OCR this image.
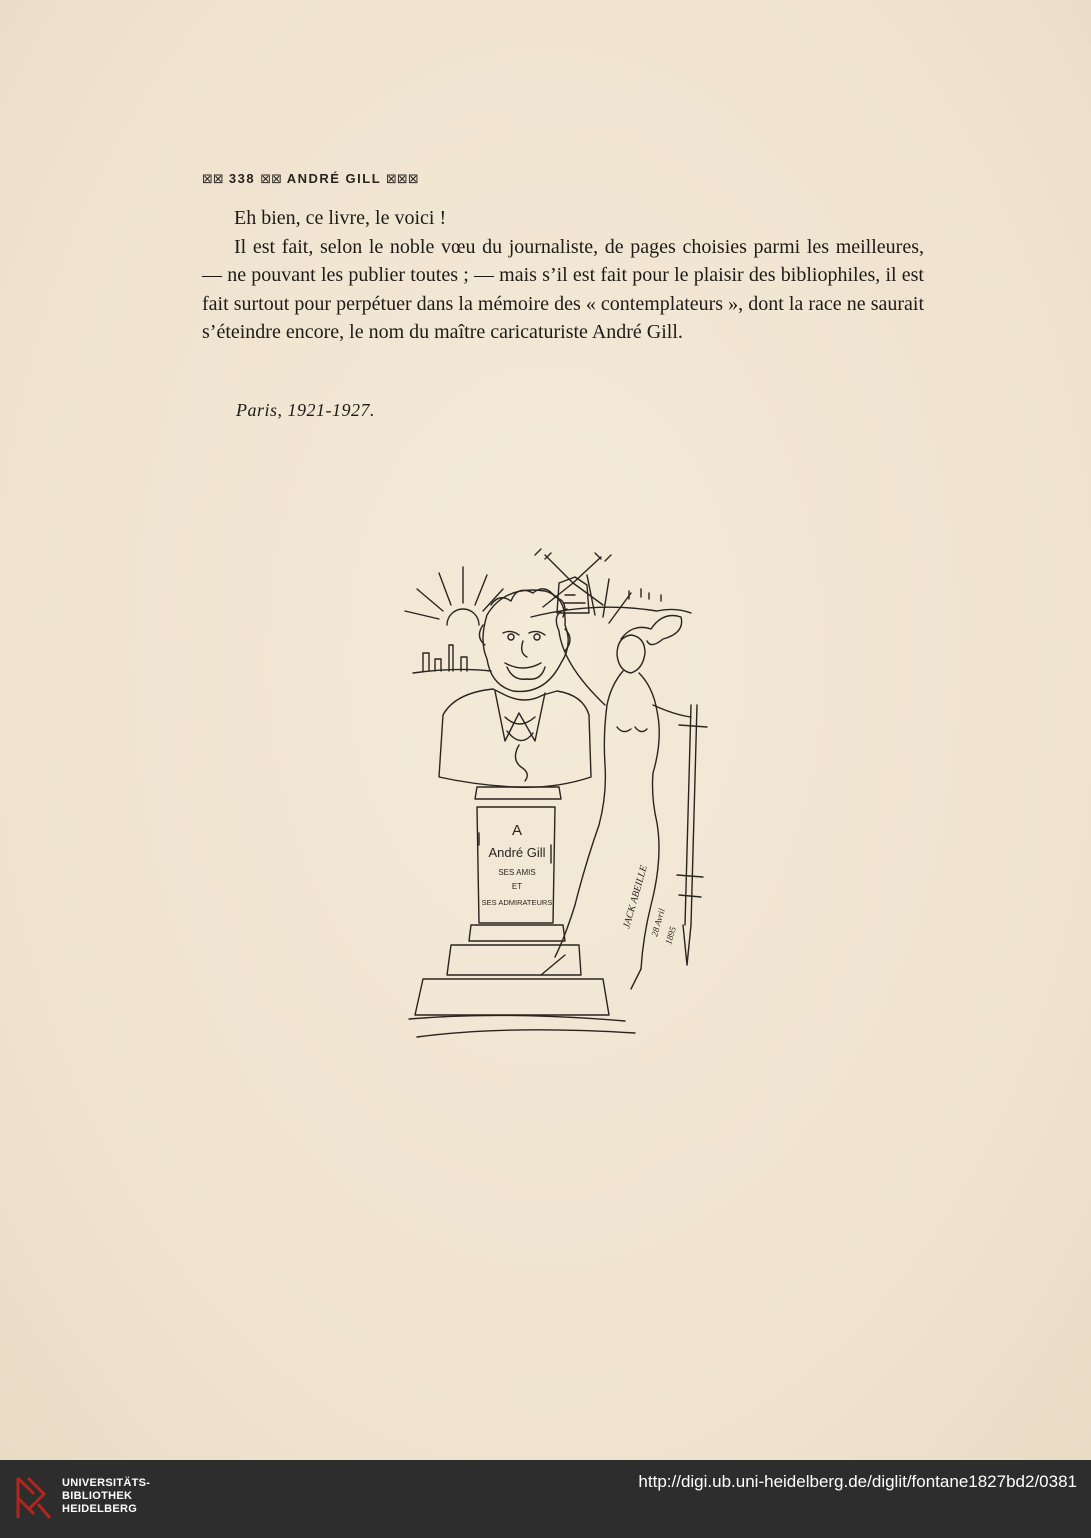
⊠⊠ 338 ⊠⊠ ANDRÉ GILL ⊠⊠⊠

Eh bien, ce livre, le voici !

Il est fait, selon le noble vœu du journaliste, de pages choisies parmi les meilleures, — ne pouvant les publier toutes ; — mais s’il est fait pour le plaisir des bibliophiles, il est fait surtout pour perpétuer dans la mémoire des « contemplateurs », dont la race ne saurait s’éteindre encore, le nom du maître caricaturiste André Gill.

Paris, 1921-1927.
A
André Gill
SES AMIS
ET
SES ADMIRATEURS	JACK ABEILLE 28 Avril
1895
UNIVERSITÄTS-
BIBLIOTHEK
HEIDELBERG
http://digi.ub.uni-heidelberg.de/diglit/fontane1827bd2/0381
